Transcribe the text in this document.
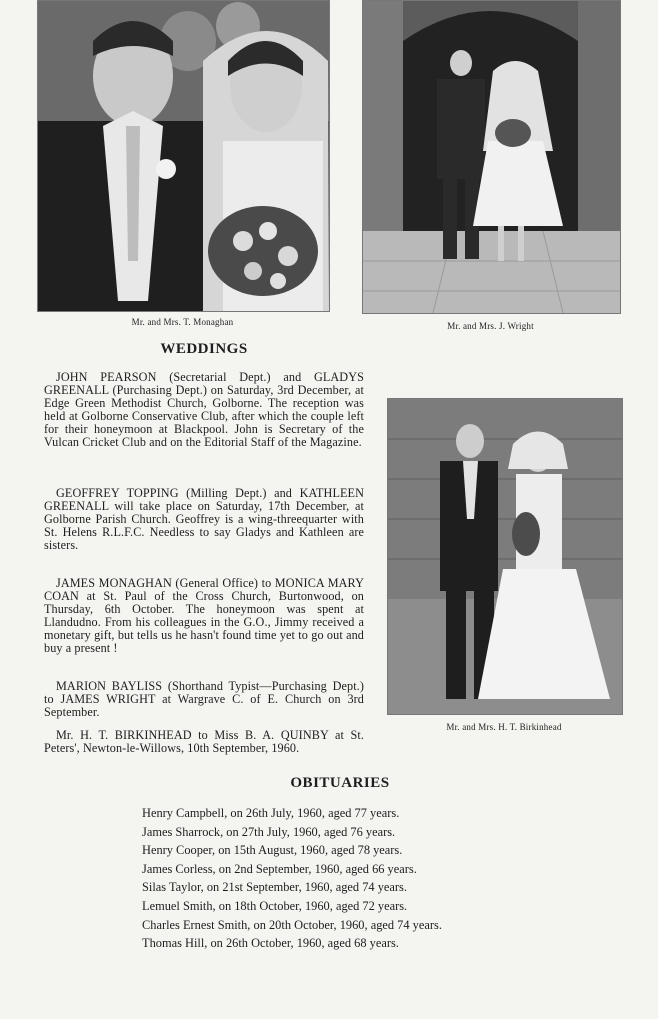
Mr. and Mrs. T. Monaghan	Mr. and Mrs. J. Wright
Mr. and Mrs. H. T. Birkinhead
WEDDINGS

JOHN PEARSON (Secretarial Dept.) and GLADYS GREENALL (Purchasing Dept.) on Saturday, 3rd December, at Edge Green Methodist Church, Golborne. The reception was held at Golborne Conservative Club, after which the couple left for their honeymoon at Blackpool. John is Secretary of the Vulcan Cricket Club and on the Editorial Staff of the Magazine.

GEOFFREY TOPPING (Milling Dept.) and KATHLEEN GREENALL will take place on Saturday, 17th December, at Golborne Parish Church. Geoffrey is a wing-threequarter with St. Helens R.L.F.C. Needless to say Gladys and Kathleen are sisters.

JAMES MONAGHAN (General Office) to MONICA MARY COAN at St. Paul of the Cross Church, Burtonwood, on Thursday, 6th October. The honeymoon was spent at Llandudno. From his colleagues in the G.O., Jimmy received a monetary gift, but tells us he hasn't found time yet to go out and buy a present !

MARION BAYLISS (Shorthand Typist—Purchasing Dept.) to JAMES WRIGHT at Wargrave C. of E. Church on 3rd September.

Mr. H. T. BIRKINHEAD to Miss B. A. QUINBY at St. Peters', Newton-le-Willows, 10th September, 1960.

OBITUARIES
Henry Campbell, on 26th July, 1960, aged 77 years.
James Sharrock, on 27th July, 1960, aged 76 years.
Henry Cooper, on 15th August, 1960, aged 78 years.
James Corless, on 2nd September, 1960, aged 66 years.
Silas Taylor, on 21st September, 1960, aged 74 years.
Lemuel Smith, on 18th October, 1960, aged 72 years.
Charles Ernest Smith, on 20th October, 1960, aged 74 years.
Thomas Hill, on 26th October, 1960, aged 68 years.
